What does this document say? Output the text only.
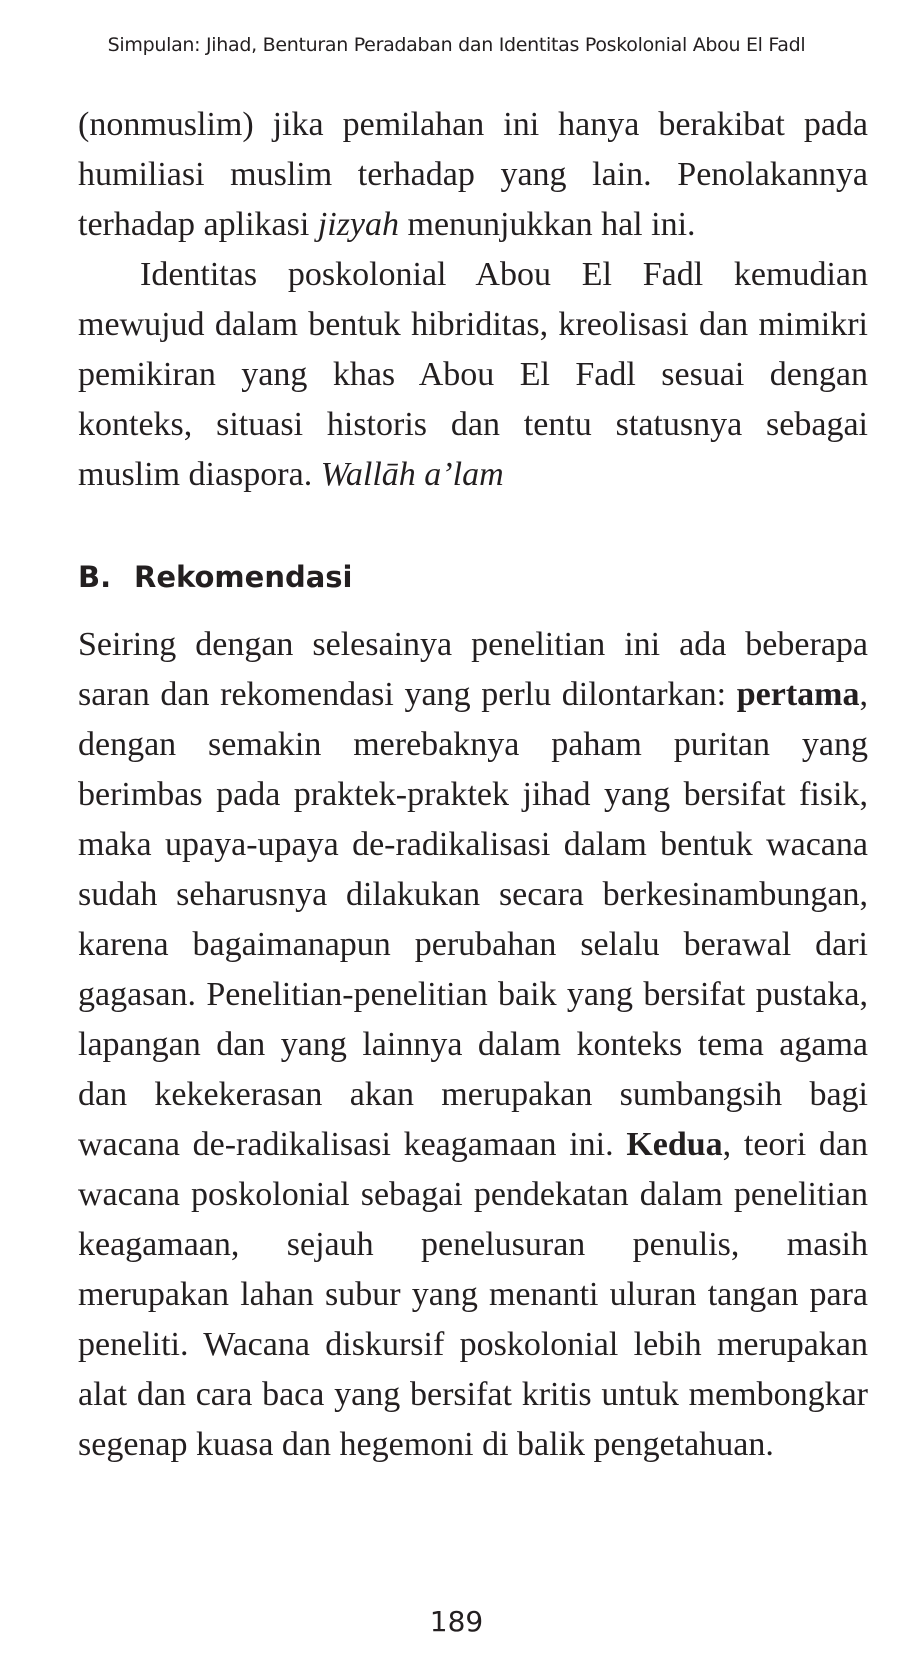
Simpulan: Jihad, Benturan Peradaban dan Identitas Poskolonial Abou El Fadl

(nonmuslim) jika pemilahan ini hanya berakibat pada humiliasi muslim terhadap yang lain. Penolakannya terhadap aplikasi jizyah menunjukkan hal ini.

Identitas poskolonial Abou El Fadl kemudian mewujud dalam bentuk hibriditas, kreolisasi dan mimikri pemikiran yang khas Abou El Fadl sesuai dengan konteks, situasi historis dan tentu statusnya sebagai muslim diaspora. Wallāh a’lam

B. Rekomendasi

Seiring dengan selesainya penelitian ini ada beberapa saran dan rekomendasi yang perlu dilontarkan: pertama, dengan semakin merebaknya paham puritan yang berimbas pada praktek-praktek jihad yang bersifat fisik, maka upaya-upaya de-radikalisasi dalam bentuk wacana sudah seharusnya dilakukan secara berkesinambungan, karena bagaimanapun perubahan selalu berawal dari gagasan. Penelitian-penelitian baik yang bersifat pustaka, lapangan dan yang lainnya dalam konteks tema agama dan kekekerasan akan merupakan sumbangsih bagi wacana de-radikalisasi keagamaan ini. Kedua, teori dan wacana poskolonial sebagai pendekatan dalam penelitian keagamaan, sejauh penelusuran penulis, masih merupakan lahan subur yang menanti uluran tangan para peneliti. Wacana diskursif poskolonial lebih merupakan alat dan cara baca yang bersifat kritis untuk membongkar segenap kuasa dan hegemoni di balik pengetahuan.

189
